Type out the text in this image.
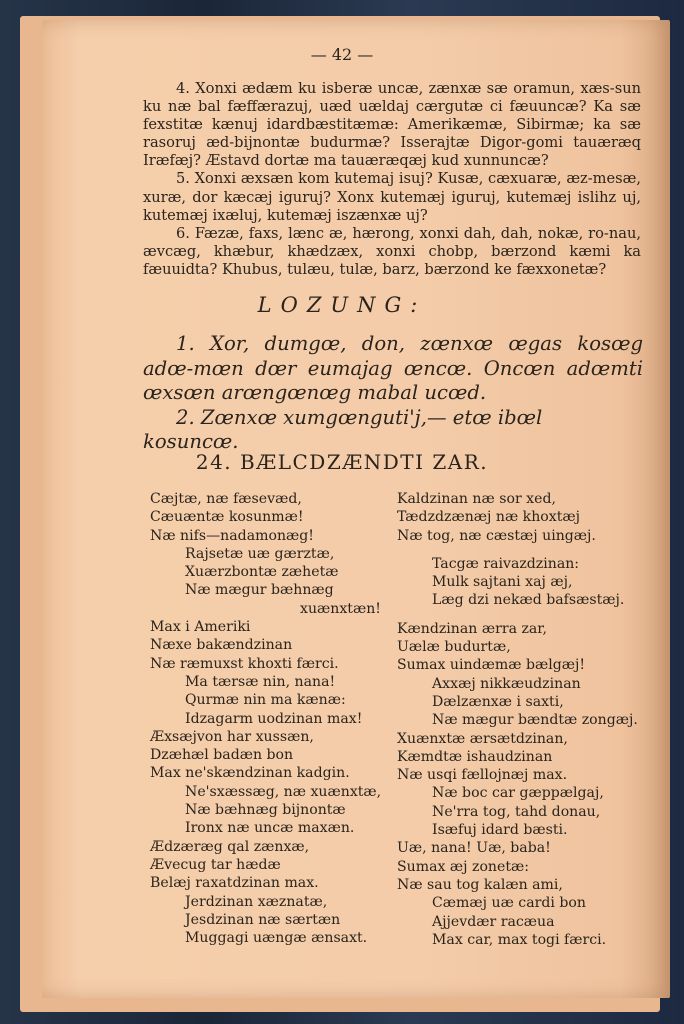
— 42 —

4. Xonxi ædæm ku isberæ uncæ, zænxæ sæ oramun, xæs-sun ku næ bal fæffærazuj, uæd uældaj cærgutæ ci fæuuncæ? Ka sæ fexstitæ kænuj idardbæstitæmæ: Amerikæmæ, Sibirmæ; ka sæ rasoruj æd-bijnontæ budurmæ? Isserajtæ Digor-gomi tauæræq Iræfæj? Æstavd dortæ ma tauæræqæj kud xunnuncæ?

5. Xonxi æxsæn kom kutemaj isuj? Kusæ, cæxuaræ, æz-mesæ, xuræ, dor kæcæj iguruj? Xonx kutemæj iguruj, kutemæj islihz uj, kutemæj ixæluj, kutemæj iszænxæ uj?

6. Fæzæ, faxs, lænc æ, hærong, xonxi dah, dah, nokæ, ro-nau, ævcæg, khæbur, khædzæx, xonxi chobp, bærzond kæmi ka fæuuidta? Khubus, tulæu, tulæ, barz, bærzond ke fæxxonetæ?

LOZUNG:

1. Xor, dumgœ, don, zœnxœ œgas kosœg adœ-mœn dœr eumajag œncœ. Oncœn adœmti œxsœn arœngœnœg mabal ucœd.

2. Zœnxœ xumgœnguti'j,— etœ ibœl kosuncœ.

24. BÆLCDZÆNDTI ZAR.
Cæjtæ, næ fæsevæd,
Cæuæntæ kosunmæ!
Næ nifs—nadamonæg!
Rajsetæ uæ gærztæ,
Xuærzbontæ zæhetæ
Næ mægur bæhnæg
xuænxtæn!
Max i Ameriki
Næxe bakændzinan
Næ ræmuxst khoxti færci.
Ma tærsæ nin, nana!
Qurmæ nin ma kænæ:
Idzagarm uodzinan max!
Æxsæjvon har xussæn,
Dzæhæl badæn bon
Max ne'skændzinan kadgin.
Ne'sxæssæg, næ xuænxtæ,
Næ bæhnæg bijnontæ
Ironx næ uncæ maxæn.
Ædzæræg qal zænxæ,
Ævecug tar hædæ
Belæj raxatdzinan max.
Jerdzinan xæznatæ,
Jesdzinan næ særtæn
Muggagi uængæ ænsaxt.
Kaldzinan næ sor xed,
Tædzdzænæj næ khoxtæj
Næ tog, næ cæstæj uingæj.
Tacgæ raivazdzinan:
Mulk sajtani xaj æj,
Læg dzi nekæd bafsæstæj.
Kændzinan ærra zar,
Uælæ budurtæ,
Sumax uindæmæ bælgæj!
Axxæj nikkæudzinan
Dælzænxæ i saxti,
Næ mægur bændtæ zongæj.
Xuænxtæ ærsætdzinan,
Kæmdtæ ishaudzinan
Næ usqi fællojnæj max.
Næ boc car gæppælgaj,
Ne'rra tog, tahd donau,
Isæfuj idard bæsti.
Uæ, nana! Uæ, baba!
Sumax æj zonetæ:
Næ sau tog kalæn ami,
Cæmæj uæ cardi bon
Ajjevdær racæua
Max car, max togi færci.
